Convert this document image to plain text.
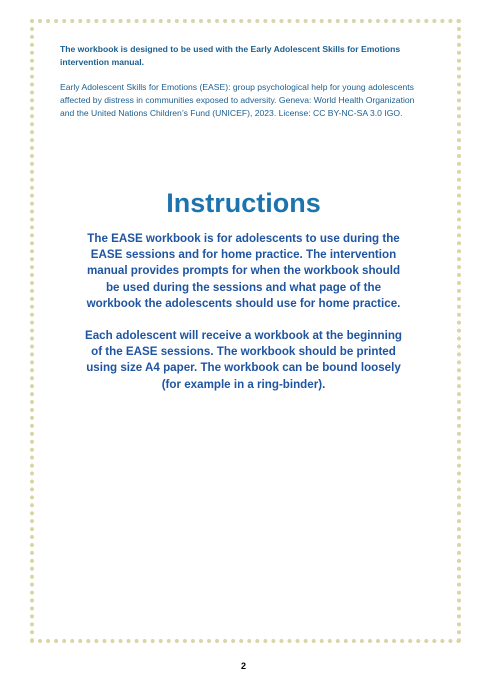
The workbook is designed to be used with the Early Adolescent Skills for Emotions intervention manual.

Early Adolescent Skills for Emotions (EASE): group psychological help for young adolescents affected by distress in communities exposed to adversity. Geneva: World Health Organization and the United Nations Children’s Fund (UNICEF), 2023. License: CC BY-NC-SA 3.0 IGO.

Instructions

The EASE workbook is for adolescents to use during the EASE sessions and for home practice. The intervention manual provides prompts for when the workbook should be used during the sessions and what page of the workbook the adolescents should use for home practice.

Each adolescent will receive a workbook at the beginning of the EASE sessions. The workbook should be printed using size A4 paper. The workbook can be bound loosely (for example in a ring-binder).

2
